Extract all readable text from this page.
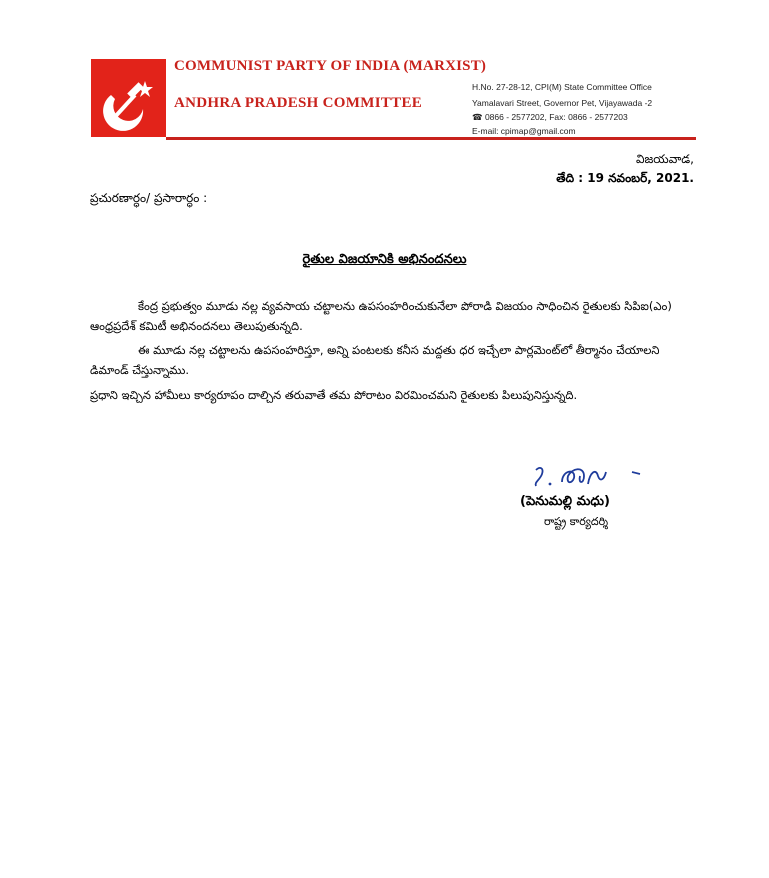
COMMUNIST PARTY OF INDIA (MARXIST)
ANDHRA PRADESH COMMITTEE
H.No. 27-28-12, CPI(M) State Committee Office
Yamalavari Street, Governor Pet, Vijayawada -2
☎ 0866 - 2577202, Fax: 0866 - 2577203
E-mail: cpimap@gmail.com
విజయవాడ,
తేది : 19 నవంబర్, 2021.
ప్రచురణార్ధం/ ప్రసారార్ధం :
రైతుల విజయానికి అభినందనలు
కేంద్ర ప్రభుత్వం మూడు నల్ల వ్యవసాయ చట్టాలను ఉపసంహరించుకునేలా పోరాడి విజయం సాధించిన రైతులకు సిపిఐ(ఎం) ఆంధ్రప్రదేశ్ కమిటీ అభినందనలు తెలుపుతున్నది.
ఈ మూడు నల్ల చట్టాలను ఉపసంహరిస్తూ, అన్ని పంటలకు కనీస మద్దతు ధర ఇచ్చేలా పార్లమెంట్‌లో తీర్మానం చేయాలని డిమాండ్ చేస్తున్నాము.
ప్రధాని ఇచ్చిన హామీలు కార్యరూపం దాల్చిన తరువాతే తమ పోరాటం విరమించమని రైతులకు పిలుపునిస్తున్నది.
(పెనుమల్లి మధు)
రాష్ట్ర కార్యదర్శి
